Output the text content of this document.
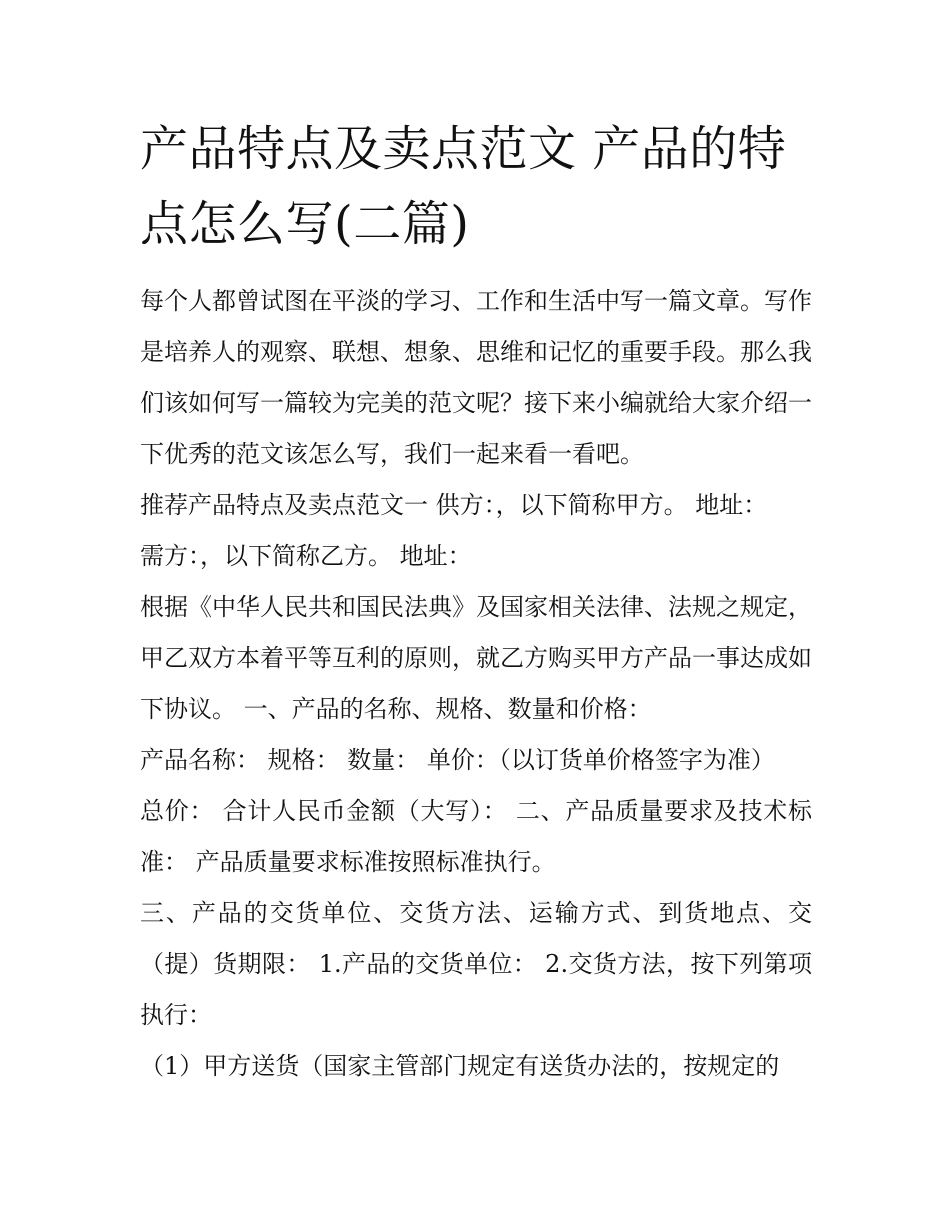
产品特点及卖点范文 产品的特点怎么写(二篇)

每个人都曾试图在平淡的学习、工作和生活中写一篇文章。写作是培养人的观察、联想、想象、思维和记忆的重要手段。那么我们该如何写一篇较为完美的范文呢？接下来小编就给大家介绍一下优秀的范文该怎么写，我们一起来看一看吧。

推荐产品特点及卖点范文一 供方：，以下简称甲方。 地址：

需方：，以下简称乙方。 地址：

根据《中华人民共和国民法典》及国家相关法律、法规之规定，甲乙双方本着平等互利的原则，就乙方购买甲方产品一事达成如下协议。 一、产品的名称、规格、数量和价格：

产品名称： 规格： 数量： 单价：（以订货单价格签字为准）

总价： 合计人民币金额（大写）： 二、产品质量要求及技术标准： 产品质量要求标准按照标准执行。

三、产品的交货单位、交货方法、运输方式、到货地点、交（提）货期限： 1.产品的交货单位： 2.交货方法，按下列第项执行：

（1）甲方送货（国家主管部门规定有送货办法的，按规定的
